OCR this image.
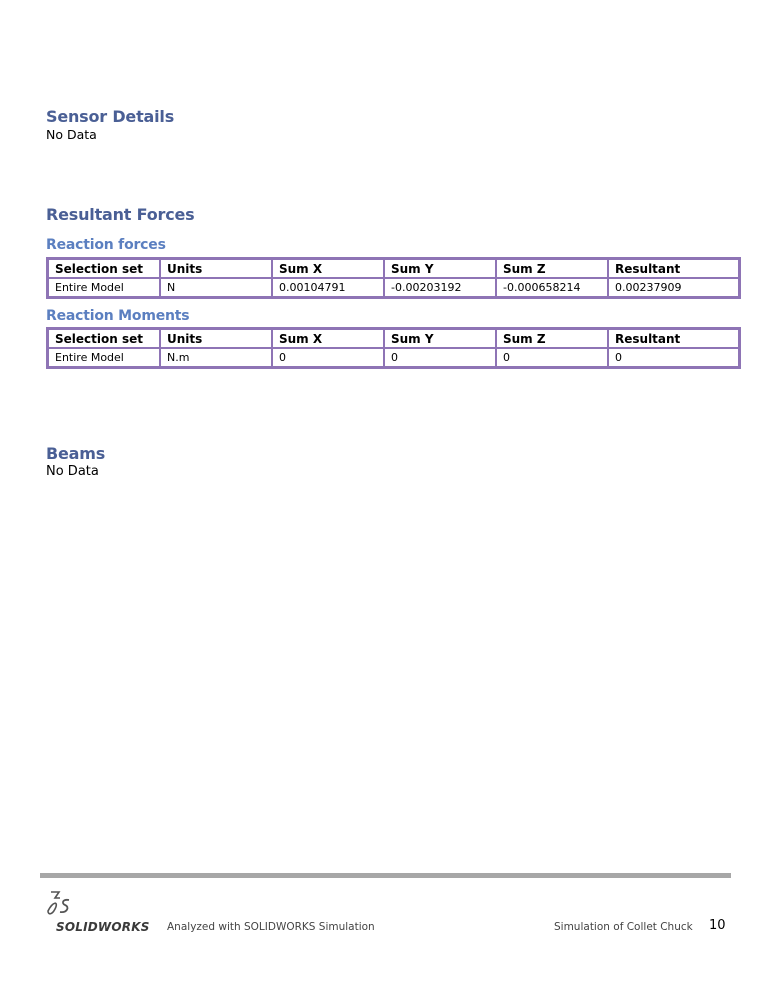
Sensor Details
No Data
Resultant Forces
Reaction forces
Selection set	Units	Sum X	Sum Y	Sum Z	Resultant
Entire Model	N	0.00104791	-0.00203192	-0.000658214	0.00237909
Reaction Moments
Selection set	Units	Sum X	Sum Y	Sum Z	Resultant
Entire Model	N.m	0	0	0	0
Beams
No Data
SOLIDWORKS Analyzed with SOLIDWORKS Simulation	Simulation of Collet Chuck 10
